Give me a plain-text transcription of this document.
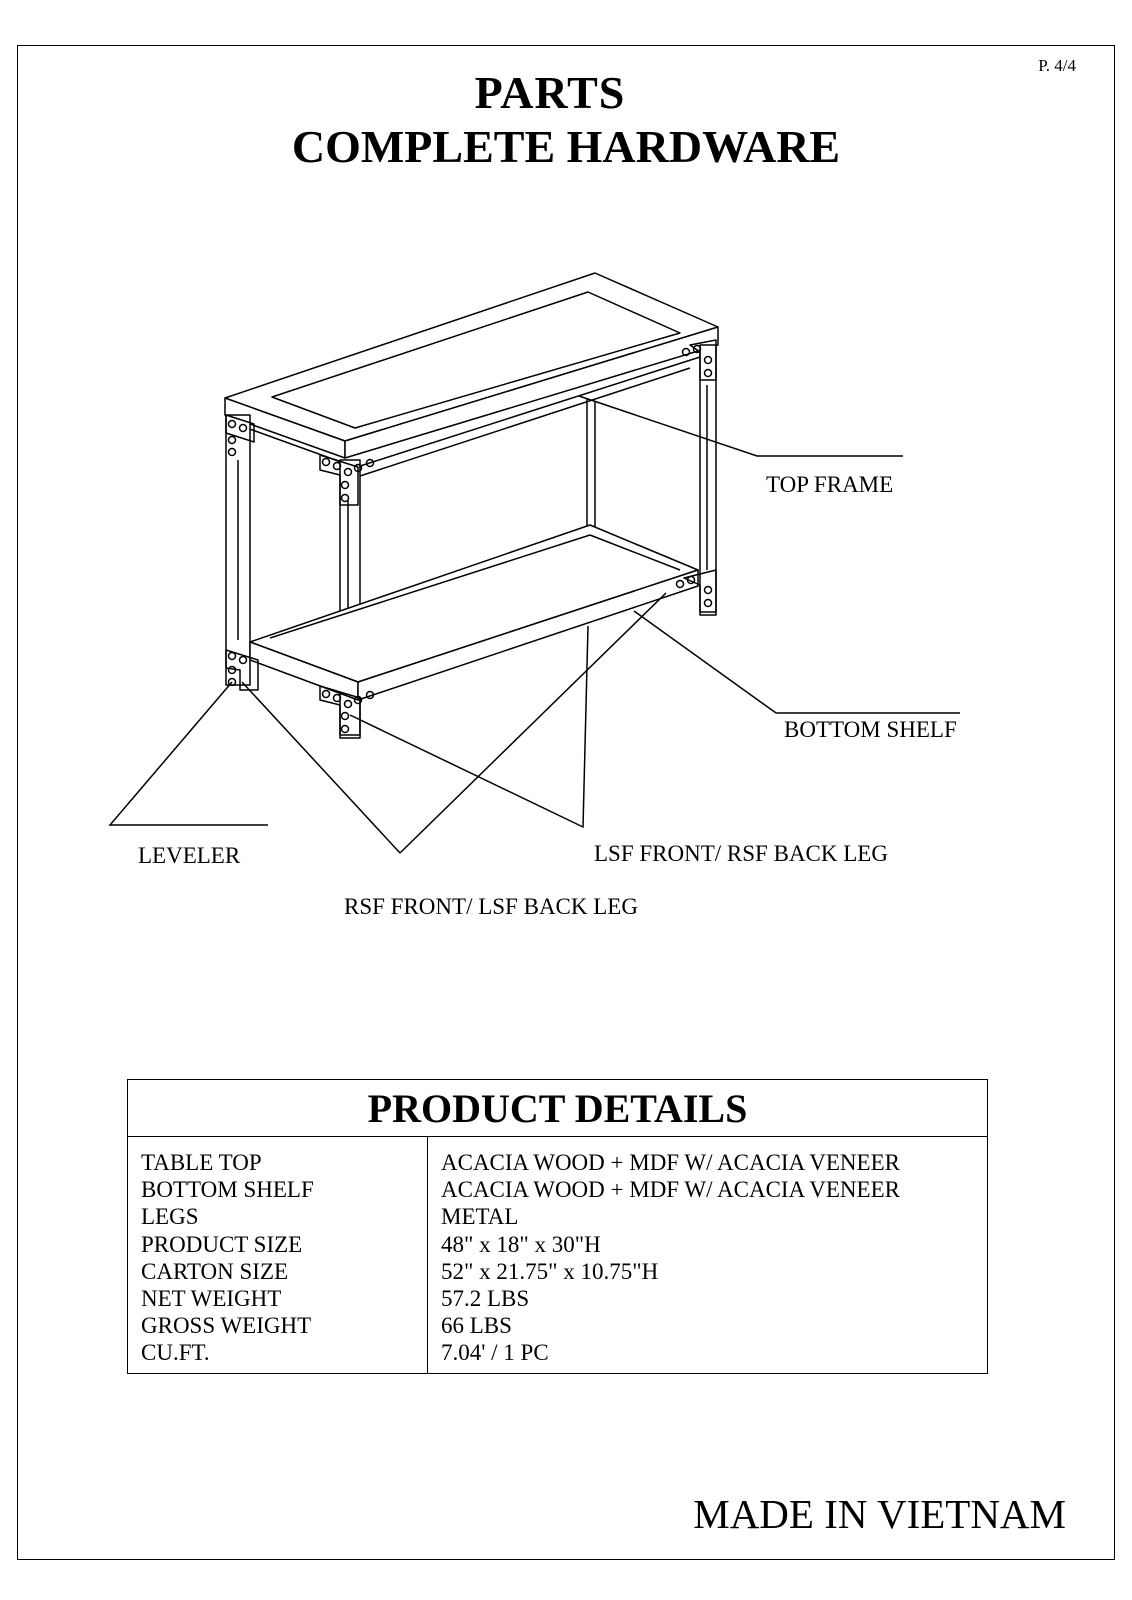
P. 4/4
PARTS
COMPLETE HARDWARE
TOP FRAME
BOTTOM SHELF
LEVELER	LSF FRONT/ RSF BACK LEG
RSF FRONT/ LSF BACK LEG
PRODUCT DETAILS
TABLE TOP
BOTTOM SHELF
LEGS
PRODUCT SIZE
CARTON SIZE
NET WEIGHT
GROSS WEIGHT
CU.FT.
ACACIA WOOD + MDF W/ ACACIA VENEER
ACACIA WOOD + MDF W/ ACACIA VENEER
METAL
48" x 18" x 30"H
52" x 21.75" x 10.75"H
57.2 LBS
66 LBS
7.04' / 1 PC
MADE IN VIETNAM
